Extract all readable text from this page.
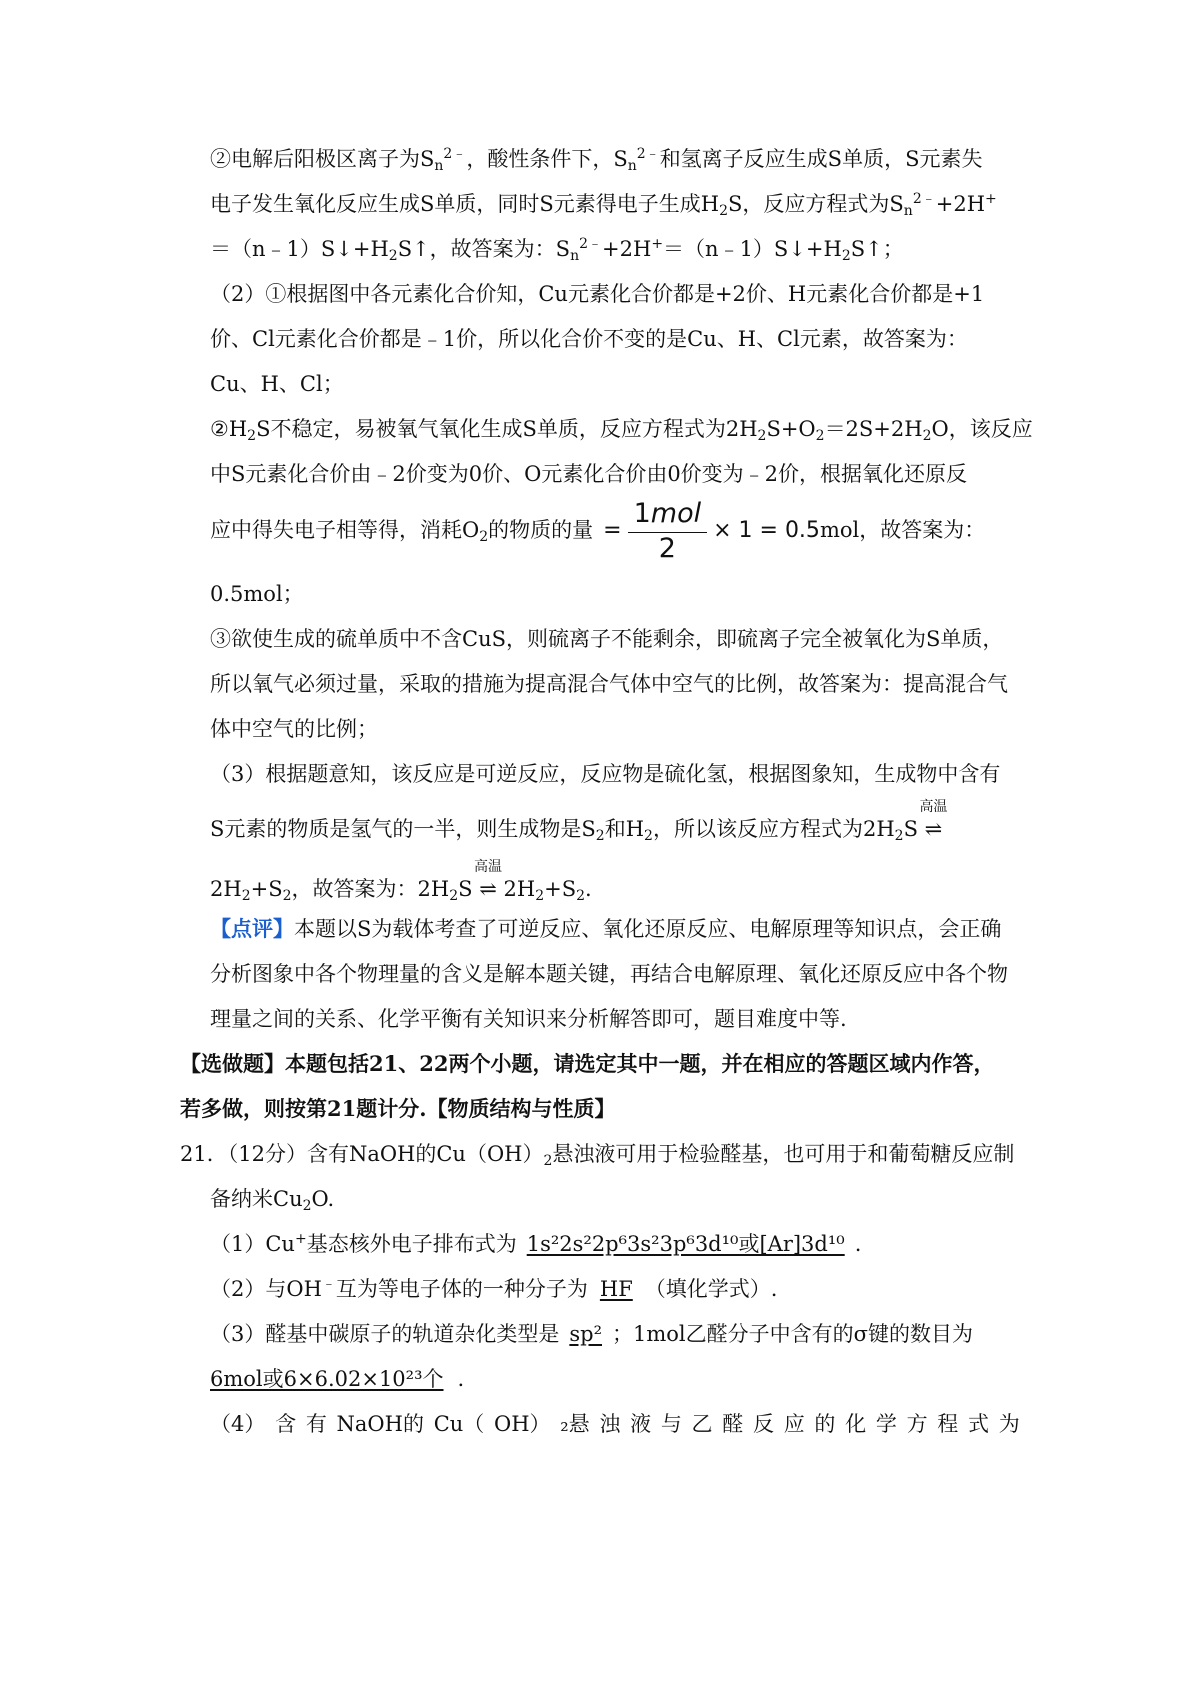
②电解后阳极区离子为$S_n^{2﹣}$，酸性条件下，$S_n^{2﹣}$和氢离子反应生成S单质，S元素失
电子发生氧化反应生成S单质，同时S元素得电子生成$H_2S$，反应方程式为$S_n^{2﹣}+2H^+$
$=(n﹣1)S↓+H_2S↑$，故答案为：$S_n^{2﹣}+2H^+=(n﹣1)S↓+H_2S↑$；
（2）①根据图中各元素化合价知，Cu元素化合价都是+2价、H元素化合价都是+1
价、Cl元素化合价都是﹣1价，所以化合价不变的是Cu、H、Cl元素，故答案为：
Cu、H、Cl；
$②H_2S$不稳定，易被氧气氧化生成S单质，反应方程式为$2H_2S+O_2=2S+2H_2O$，该反应
中S元素化合价由﹣2价变为0价、O元素化合价由0价变为﹣2价，根据氧化还原反
应中得失电子相等得，消耗$O_2$的物质的量 = $\frac{\text{1mol}}{2} \times 1 = 0.5mol$，故答案为：
0.5mol；
③欲使生成的硫单质中不含CuS，则硫离子不能剩余，即硫离子完全被氧化为S单质，
所以氧气必须过量，采取的措施为提高混合气体中空气的比例，故答案为：提高混合气
体中空气的比例；
（3）根据题意知，该反应是可逆反应，反应物是硫化氢，根据图象知，生成物中含有
S元素的物质是氢气的一半，则生成物是$S_2$和$H_2$，所以该反应方程式为$2H_2S$
高温
⇌
$2H_2+S_2$，故答案为：$2H_2S$
高温
⇌ $2H_2+S_2$.
【点评】本题以S为载体考查了可逆反应、氧化还原反应、电解原理等知识点，会正确
分析图象中各个物理量的含义是解本题关键，再结合电解原理、氧化还原反应中各个物
理量之间的关系、化学平衡有关知识来分析解答即可，题目难度中等.
【选做题】本题包括21、22两个小题，请选定其中一题，并在相应的答题区域内作答，
若多做，则按第21题计分.【物质结构与性质】
21．（12分）含有NaOH的$Cu(OH)_2$悬浊液可用于检验醛基，也可用于和葡萄糖反应制
备纳米$Cu_2O$.
（1）Cu+基态核外电子排布式为 1s²2s²2p⁶3s²3p⁶3d¹⁰或[Ar]3d¹⁰ .
（2）与OH﹣互为等电子体的一种分子为 HF （填化学式）.
（3）醛基中碳原子的轨道杂化类型是 sp² ；1mol乙醛分子中含有的σ键的数目为
6mol或6×6.02×10²³个 .
（4） 含 有 NaOH的 Cu（ OH） ₂悬 浊 液 与 乙 醛 反 应 的 化 学 方 程 式 为
